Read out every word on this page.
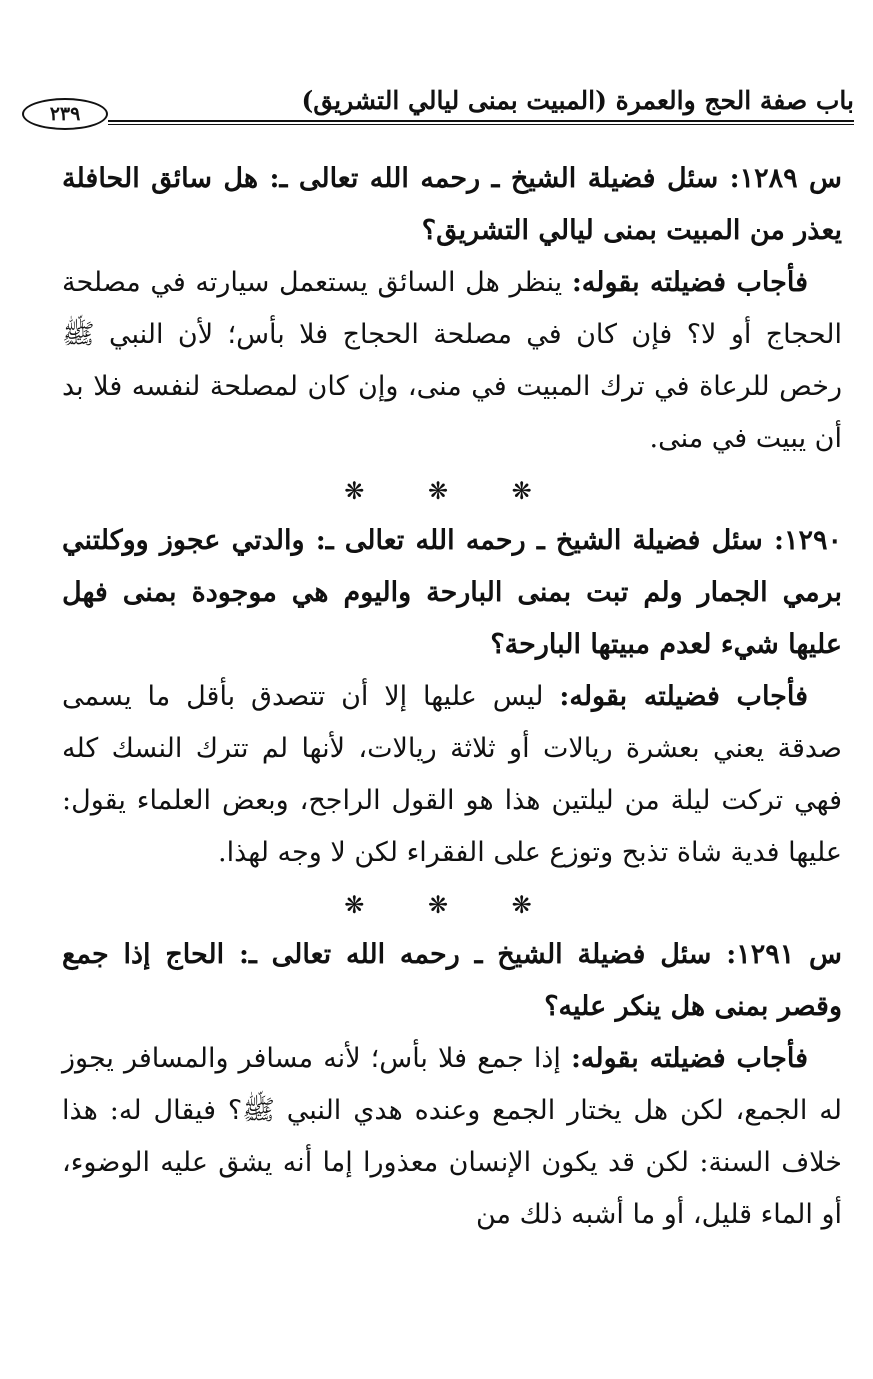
باب صفة الحج والعمرة (المبيت بمنى ليالي التشريق)
٢٣٩

س ١٢٨٩: سئل فضيلة الشيخ ـ رحمه الله تعالى ـ: هل سائق الحافلة يعذر من المبيت بمنى ليالي التشريق؟

فأجاب فضيلته بقوله: ينظر هل السائق يستعمل سيارته في مصلحة الحجاج أو لا؟ فإن كان في مصلحة الحجاج فلا بأس؛ لأن النبي ﷺ رخص للرعاة في ترك المبيت في منى، وإن كان لمصلحة لنفسه فلا بد أن يبيت في منى.

❋ ❋ ❋

١٢٩٠: سئل فضيلة الشيخ ـ رحمه الله تعالى ـ: والدتي عجوز ووكلتني برمي الجمار ولم تبت بمنى البارحة واليوم هي موجودة بمنى فهل عليها شيء لعدم مبيتها البارحة؟

فأجاب فضيلته بقوله: ليس عليها إلا أن تتصدق بأقل ما يسمى صدقة يعني بعشرة ريالات أو ثلاثة ريالات، لأنها لم تترك النسك كله فهي تركت ليلة من ليلتين هذا هو القول الراجح، وبعض العلماء يقول: عليها فدية شاة تذبح وتوزع على الفقراء لكن لا وجه لهذا.

❋ ❋ ❋

س ١٢٩١: سئل فضيلة الشيخ ـ رحمه الله تعالى ـ: الحاج إذا جمع وقصر بمنى هل ينكر عليه؟

فأجاب فضيلته بقوله: إذا جمع فلا بأس؛ لأنه مسافر والمسافر يجوز له الجمع، لكن هل يختار الجمع وعنده هدي النبي ﷺ؟ فيقال له: هذا خلاف السنة: لكن قد يكون الإنسان معذورا إما أنه يشق عليه الوضوء، أو الماء قليل، أو ما أشبه ذلك من
